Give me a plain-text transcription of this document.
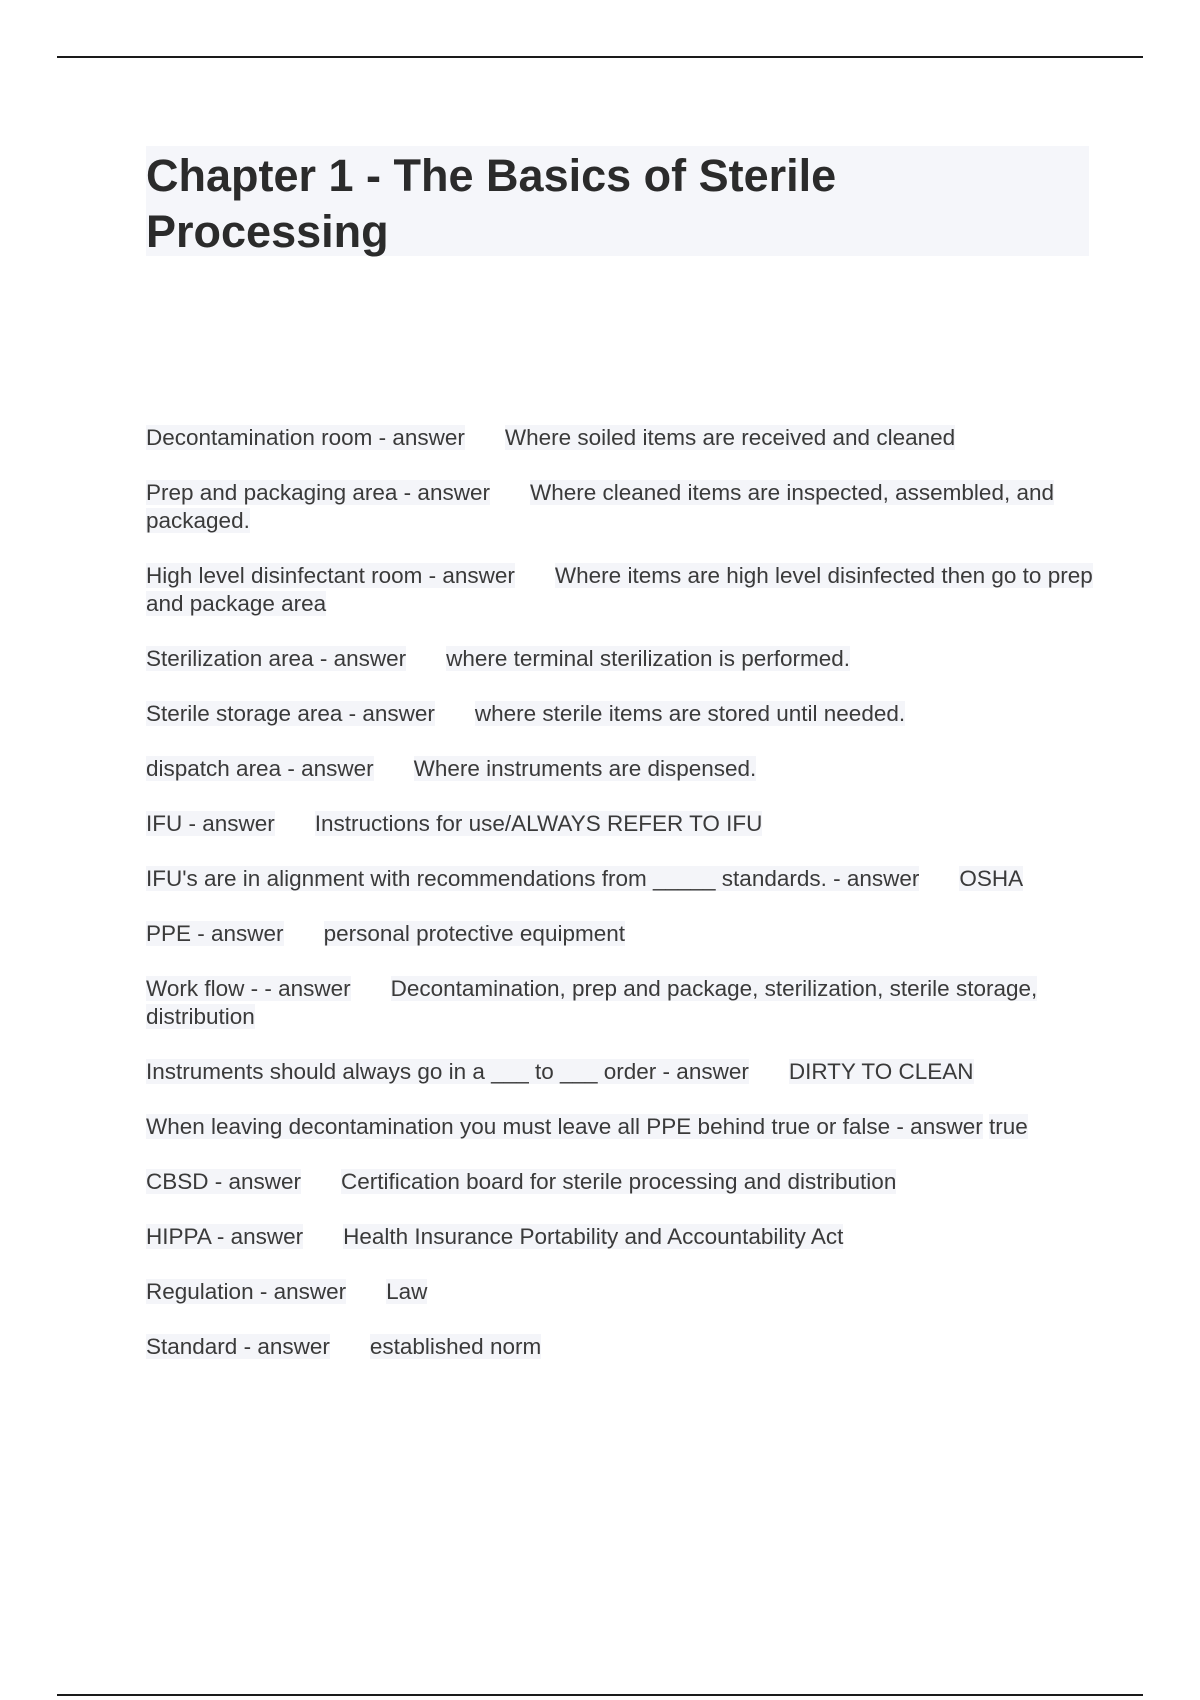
Chapter 1 - The Basics of Sterile Processing

Decontamination room - answer Where soiled items are received and cleaned

Prep and packaging area - answer Where cleaned items are inspected, assembled, and packaged.

High level disinfectant room - answer Where items are high level disinfected then go to prep and package area

Sterilization area - answer where terminal sterilization is performed.

Sterile storage area - answer where sterile items are stored until needed.

dispatch area - answer Where instruments are dispensed.

IFU - answer Instructions for use/ALWAYS REFER TO IFU

IFU's are in alignment with recommendations from _____ standards. - answer OSHA

PPE - answer personal protective equipment

Work flow - - answer Decontamination, prep and package, sterilization, sterile storage, distribution

Instruments should always go in a ___ to ___ order - answer DIRTY TO CLEAN

When leaving decontamination you must leave all PPE behind true or false - answer true

CBSD - answer Certification board for sterile processing and distribution

HIPPA - answer Health Insurance Portability and Accountability Act

Regulation - answer Law

Standard - answer established norm
